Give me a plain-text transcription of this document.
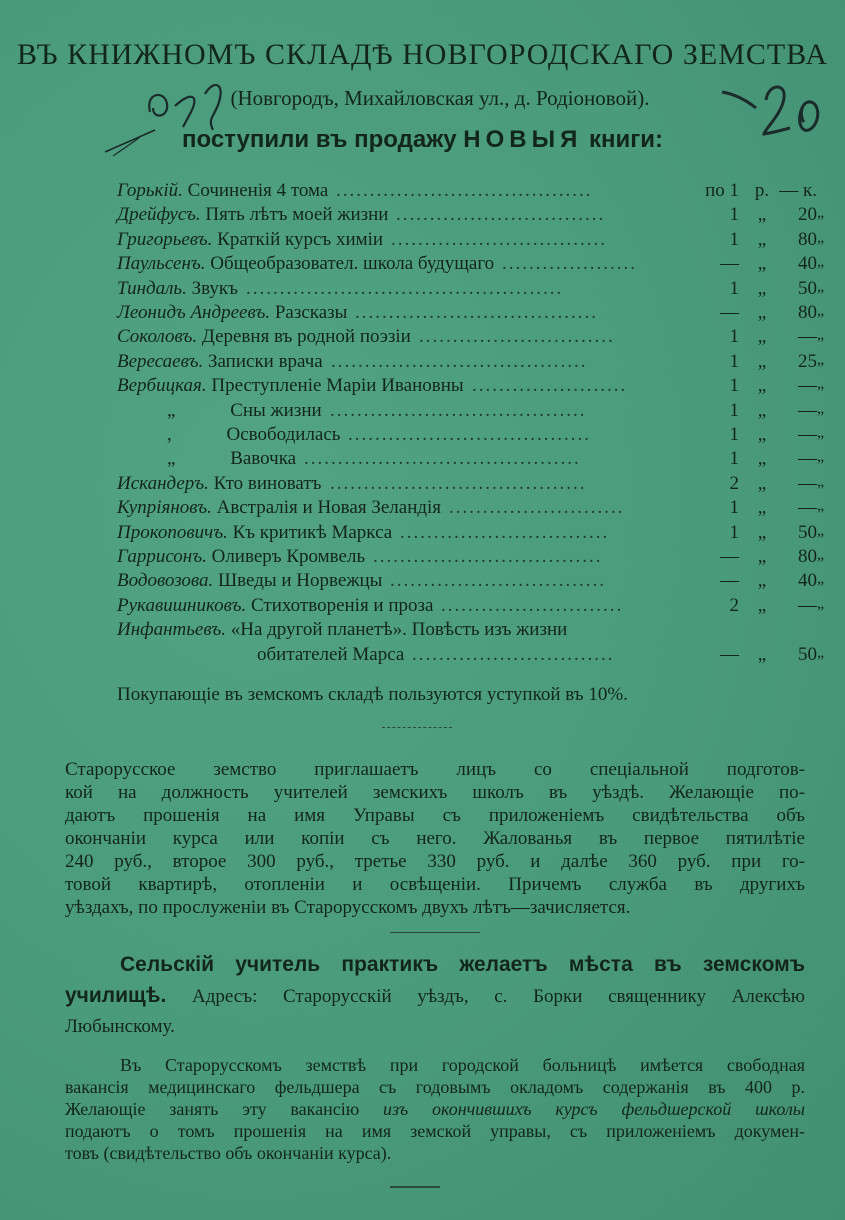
ВЪ КНИЖНОМЪ СКЛАДѢ НОВГОРОДСКАГО ЗЕМСТВА
(Новгородъ, Михайловская ул., д. Родiоновой).
поступили въ продажу НОВЫЯ книги:
Горькiй. Сочиненiя 4 тома ......................................	по 1 р. — к.
Дрейфусъ. Пять лѣтъ моей жизни ...............................	1 „	20 „
Григорьевъ. Краткiй курсъ химiи ................................	1 „	80 „
Паульсенъ. Общеобразовател. школа будущаго ....................	— „	40 „
Тиндаль. Звукъ ...............................................	1 „	50 „
Леонидъ Андреевъ. Разсказы ....................................	— „	80 „
Соколовъ. Деревня въ родной поэзiи .............................	1 „	— „
Вересаевъ. Записки врача ......................................	1 „	25 „
Вербицкая. Преступленiе Марiи Ивановны .......................	1 „	— „
„	Сны жизни ......................................	1 „	— „
,	Освободилась ....................................	1 „	— „
„	Вавочка .........................................	1 „	— „
Искандеръ. Кто виноватъ ......................................	2 „	— „
Купрiяновъ. Австралiя и Новая Зеландiя ..........................	1 „	— „
Прокоповичъ. Къ критикѣ Маркса ...............................	1 „	50 „
Гаррисонъ. Оливеръ Кромвель ..................................	— „	80 „
Водовозова. Шведы и Норвежцы ................................	— „	40 „
Рукавишниковъ. Стихотворенiя и проза ...........................	2 „	— „
Инфантьевъ. «На другой планетѣ». Повѣсть изъ жизни
обитателей Марса ..............................	— „	50 „
Покупающiе въ земскомъ складѣ пользуются уступкой въ 10%.
Старорусское земство приглашаетъ лицъ со спецiальной подготов-
кой на должность учителей земскихъ школъ въ уѣздѣ. Желающiе по-
даютъ прошенiя на имя Управы съ приложенiемъ свидѣтельства объ
окончанiи курса или копiи съ него. Жалованья въ первое пятилѣтiе
240 руб., второе 300 руб., третье 330 руб. и далѣе 360 руб. при го-
товой квартирѣ, отопленiи и освѣщенiи. Причемъ служба въ другихъ
уѣздахъ, по прослуженiи въ Старорусскомъ двухъ лѣтъ—зачисляется.
Сельскiй учитель практикъ желаетъ мѣста въ земскомъ
училищѣ. Адресъ: Старорусскiй уѣздъ, с. Борки священнику Алексѣю
Любынскому.
Въ Старорусскомъ земствѣ при городской больницѣ имѣется свободная
вакансiя медицинскаго фельдшера съ годовымъ окладомъ содержанiя въ 400 р.
Желающiе занять эту вакансiю изъ окончившихъ курсъ фельдшерской школы
подаютъ о томъ прошенiя на имя земской управы, съ приложенiемъ докумен-
товъ (свидѣтельство объ окончанiи курса).
